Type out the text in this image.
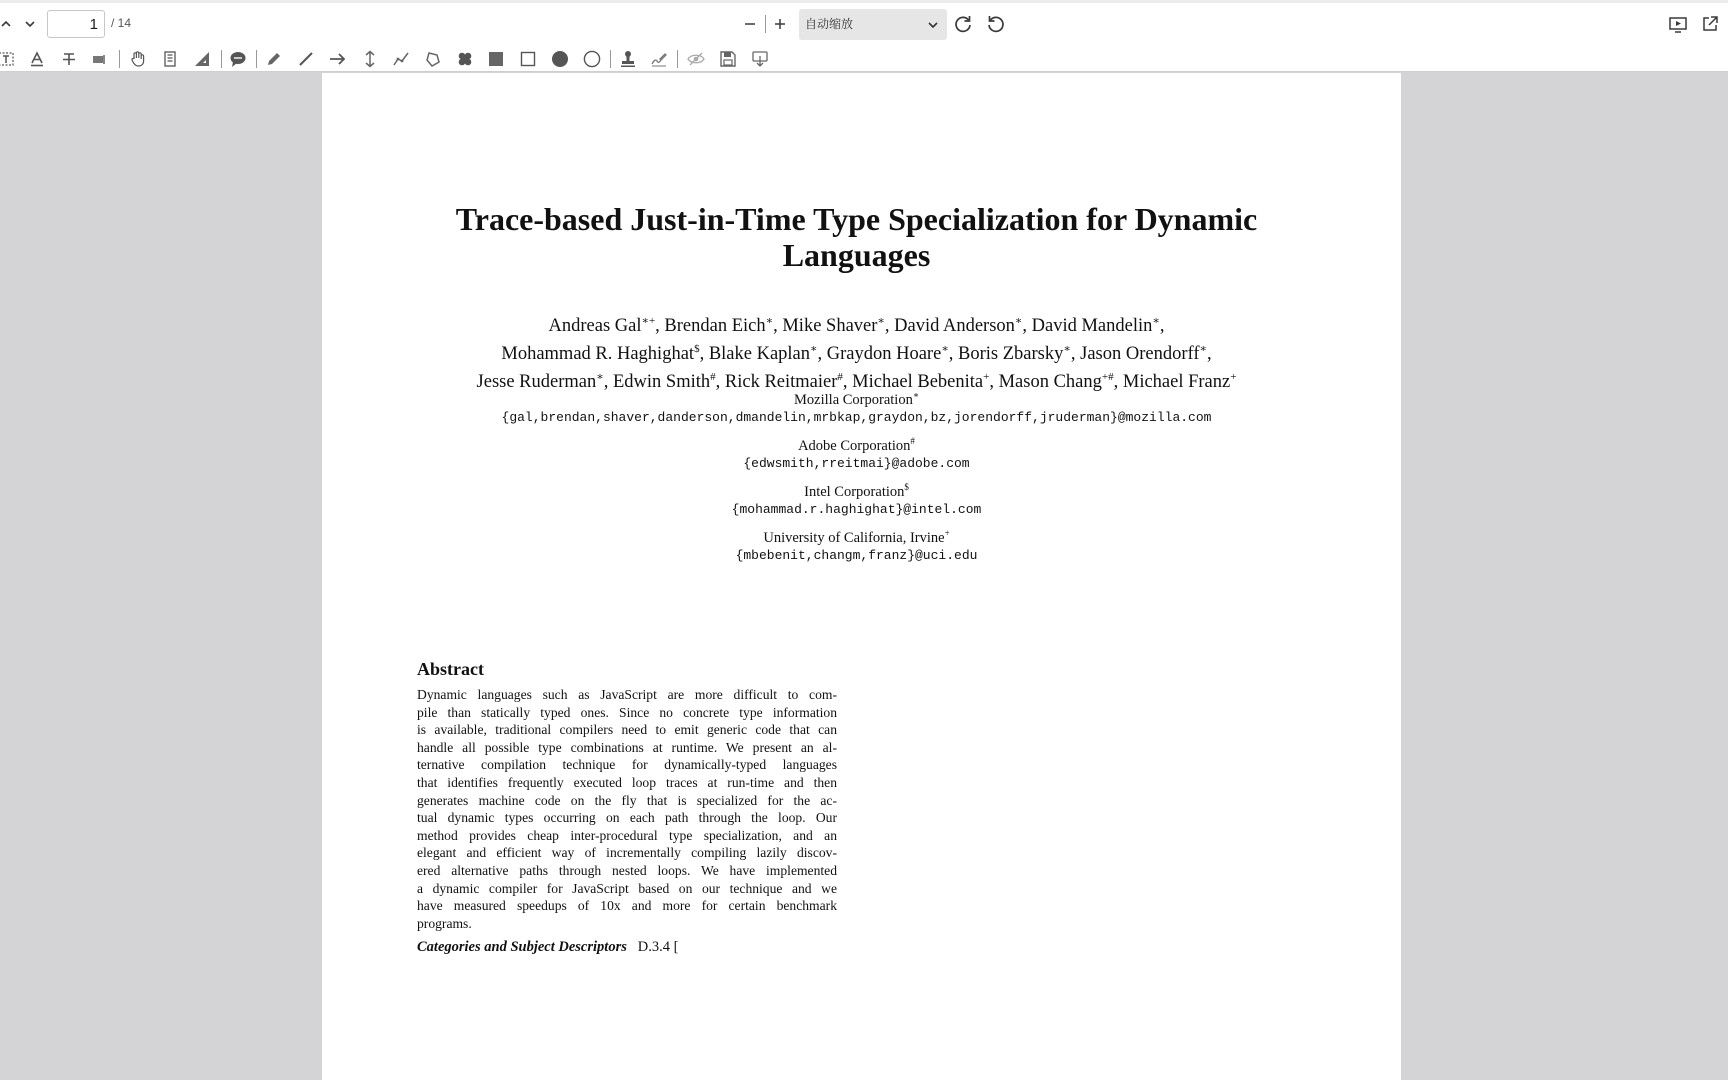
1
/ 14	自动缩放
Trace-based Just-in-Time Type Specialization for Dynamic
Languages
Andreas Gal∗+, Brendan Eich∗, Mike Shaver∗, David Anderson∗, David Mandelin∗,
Mohammad R. Haghighat$, Blake Kaplan∗, Graydon Hoare∗, Boris Zbarsky∗, Jason Orendorff∗,
Jesse Ruderman∗, Edwin Smith#, Rick Reitmaier#, Michael Bebenita+, Mason Chang+#, Michael Franz+
Mozilla Corporation∗
{gal,brendan,shaver,danderson,dmandelin,mrbkap,graydon,bz,jorendorff,jruderman}@mozilla.com
Adobe Corporation#
{edwsmith,rreitmai}@adobe.com
Intel Corporation$
{mohammad.r.haghighat}@intel.com
University of California, Irvine+
{mbebenit,changm,franz}@uci.edu
Abstract
Dynamic languages such as JavaScript are more difficult to com-
pile than statically typed ones. Since no concrete type information
is available, traditional compilers need to emit generic code that can
handle all possible type combinations at runtime. We present an al-
ternative compilation technique for dynamically-typed languages
that identifies frequently executed loop traces at run-time and then
generates machine code on the fly that is specialized for the ac-
tual dynamic types occurring on each path through the loop. Our
method provides cheap inter-procedural type specialization, and an
elegant and efficient way of incrementally compiling lazily discov-
ered alternative paths through nested loops. We have implemented
a dynamic compiler for JavaScript based on our technique and we
have measured speedups of 10x and more for certain benchmark
programs.
Categories and Subject Descriptors D.3.4 [
